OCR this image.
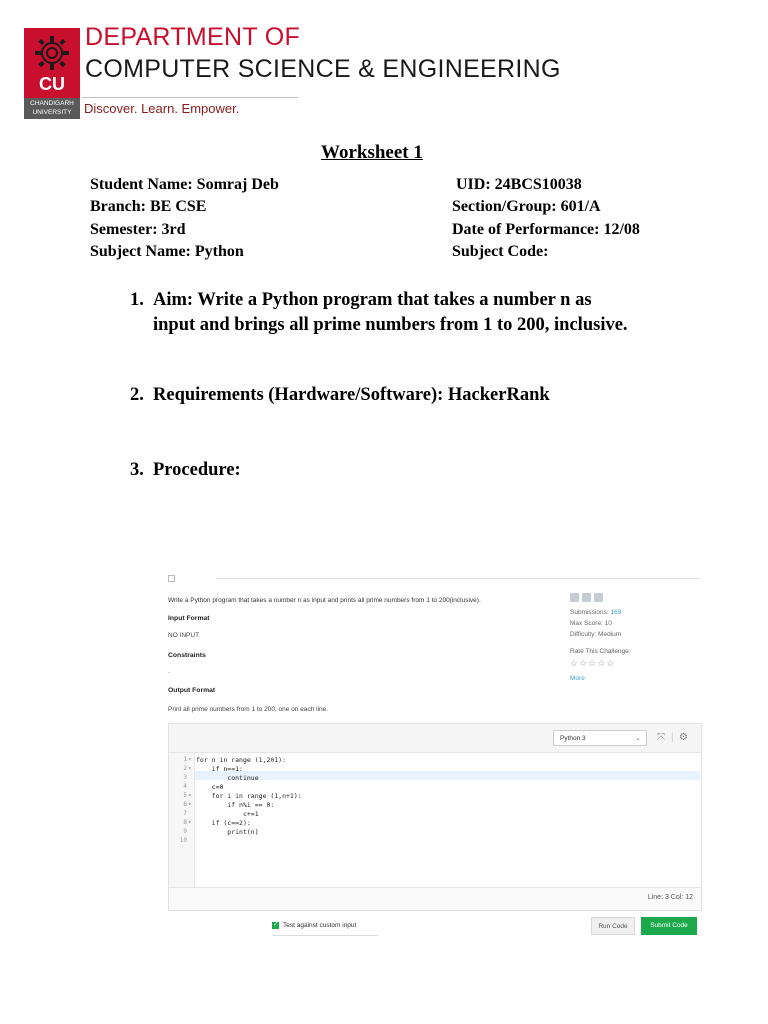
CU
CHANDIGARH UNIVERSITY
DEPARTMENT OF
COMPUTER SCIENCE & ENGINEERING
Discover. Learn. Empower.
Worksheet 1
Student Name: Somraj Deb	UID: 24BCS10038
Branch: BE CSE	Section/Group: 601/A
Semester: 3rd	Date of Performance: 12/08
Subject Name: Python	Subject Code:
1. Aim: Write a Python program that takes a number n as
input and brings all prime numbers from 1 to 200, inclusive.
2. Requirements (Hardware/Software): HackerRank
3. Procedure:
Write a Python program that takes a number n as input and prints all prime numbers from 1 to 200(inclusive).
Input Format
NO INPUT
Constraints
.
Output Format
Print all prime numbers from 1 to 200, one on each line.
Submissions: 169
Max Score: 10
Difficulty: Medium
Rate This Challenge:
☆☆☆☆☆
More
Python 3	⌄ ⤧ | ⚙
1
2
3
4
5
6
7
8
9
10
▾
▾
▾
▾
▾
for n in range (1,201):
if n==1:
continue
c=0
for i in range (1,n+1):
if n%i == 0:
c+=1
if (c==2):
print(n)
Line: 3 Col: 12
✓ Test against custom input	Run Code	Submit Code
